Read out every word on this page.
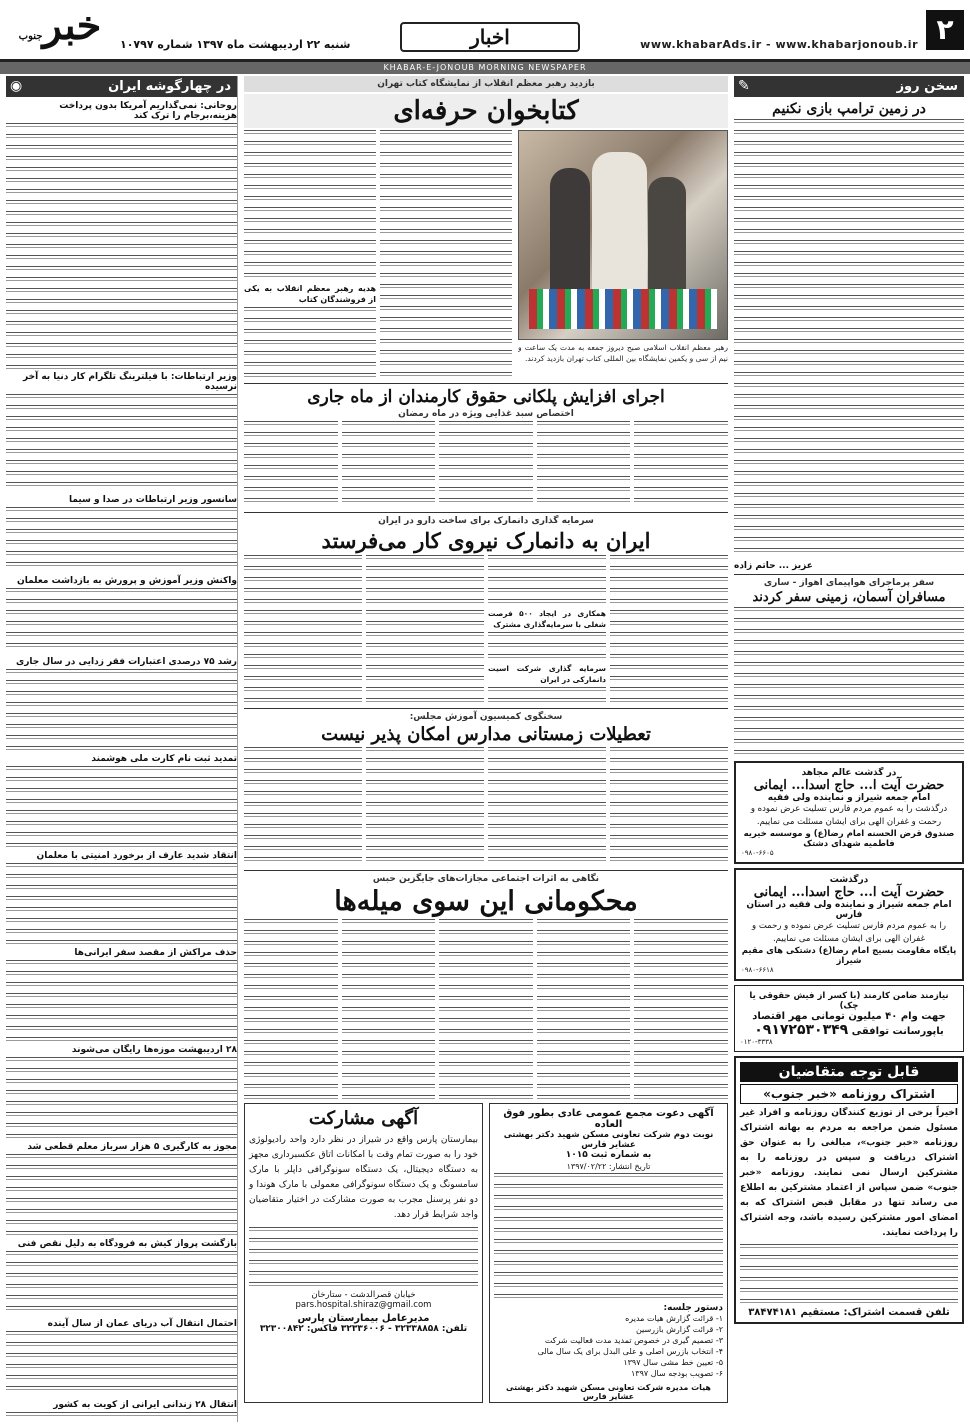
۲
www.khabarAds.ir - www.khabarjonoub.ir
اخبار
شنبه ۲۲ اردیبهشت ماه ۱۳۹۷ شماره ۱۰۷۹۷
خبرجنوب
KHABAR-E-JONOUB MORNING NEWSPAPER
در چهارگوشه ایران
◉
روحانی: نمی‌گذاریم آمریکا بدون پرداخت هزینه،برجام را ترک کند
وزیر ارتباطات: با فیلترینگ تلگرام کار دنیا به آخر نرسیده
سانسور وزیر ارتباطات در صدا و سیما
واکنش وزیر آموزش و پرورش به بازداشت معلمان
رشد ۷۵ درصدی اعتبارات فقر زدایی در سال جاری
تمدید ثبت نام کارت ملی هوشمند
انتقاد شدید عارف از برخورد امنیتی با معلمان
حذف مراکش از مقصد سفر ایرانی‌ها
۲۸ اردیبهشت موزه‌ها رایگان می‌شوند
مجوز به کارگیری ۵ هزار سرباز معلم قطعی شد
بازگشت پرواز کیش به فرودگاه به دلیل نقص فنی
احتمال انتقال آب دریای عمان از سال آینده
انتقال ۲۸ زندانی ایرانی از کویت به کشور
بازدید رهبر معظم انقلاب از نمایشگاه کتاب تهران
کتابخوان حرفه‌ای
رهبر معظم انقلاب اسلامی صبح دیروز جمعه به مدت یک ساعت و نیم از سی و یکمین نمایشگاه بین المللی کتاب تهران بازدید کردند.
هدیه رهبر معظم انقلاب به یکی از فروشندگان کتاب
اجرای افزایش پلکانی حقوق کارمندان از ماه جاری
اختصاص سبد غذایی ویژه در ماه رمضان
سرمایه گذاری دانمارک برای ساخت دارو در ایران
ایران به دانمارک نیروی کار می‌فرستد
همکاری در ایجاد ۵۰۰ فرصت شغلی با سرمایه‌گذاری مشترک
سرمایه گذاری شرکت اسیت دانمارکی در ایران
سخنگوی کمیسیون آموزش مجلس:
تعطیلات زمستانی مدارس امکان پذیر نیست
نگاهی به اثرات اجتماعی مجازات‌های جایگزین حبس
محکومانی این سوی میله‌ها
آگهی دعوت مجمع عمومی عادی بطور فوق العاده
نوبت دوم شرکت تعاونی مسکن شهید دکتر بهشتی عشایر فارس
به شماره ثبت ۱۰۱۵
تاریخ انتشار: ۱۳۹۷/۰۲/۲۲
دستور جلسه:
۱- قرائت گزارش هیات مدیره
۲- قرائت گزارش بازرسین
۳- تصمیم گیری در خصوص تمدید مدت فعالیت شرکت
۴- انتخاب بازرس اصلی و علی البدل برای یک سال مالی
۵- تعیین خط مشی سال ۱۳۹۷
۶- تصویب بودجه سال ۱۳۹۷
هیات مدیره شرکت تعاونی مسکن شهید دکتر بهشتی عشایر فارس
آگهی مشارکت
بیمارستان پارس واقع در شیراز در نظر دارد واحد رادیولوژی خود را به صورت تمام وقت با امکانات اتاق عکسبرداری مجهز به دستگاه دیجیتال، یک دستگاه سونوگرافی داپلر با مارک سامسونگ و یک دستگاه سونوگرافی معمولی با مارک هوندا و دو نفر پرسنل مجرب به صورت مشارکت در اختیار متقاضیان واجد شرایط قرار دهد.
خیابان قصرالدشت - ستارخان
pars.hospital.shiraz@gmail.com
مدیرعامل بیمارستان پارس
تلفن: ۳۲۳۳۸۸۵۸ - ۳۲۳۳۶۰۰۶ فاکس: ۳۲۳۰۰۸۴۲
سخن روز
✎
در زمین ترامپ بازی نکنیم
عزیز ... حاتم زاده
سفر پرماجرای هواپیمای اهواز - ساری
مسافران آسمان، زمینی سفر کردند
در گذشت عالم مجاهد
حضرت آیت ا... حاج اسدا... ایمانی
امام جمعه شیراز و نماینده ولی فقیه
درگذشت را به عموم مردم فارس تسلیت عرض نموده و رحمت و غفران الهی برای ایشان مسئلت می نماییم.
صندوق قرض الحسنه امام رضا(ع) و موسسه خیریه فاطمیه شهدای دشتک
۰۹۸۰-۶۶۰۵
درگذشت
حضرت آیت ا... حاج اسدا... ایمانی
امام جمعه شیراز و نماینده ولی فقیه در استان فارس
را به عموم مردم فارس تسلیت عرض نموده و رحمت و غفران الهی برای ایشان مسئلت می نماییم.
پایگاه مقاومت بسیج امام رضا(ع) دشتکی های مقیم شیراز
۰۹۸۰-۶۶۱۸
نیازمند ضامن کارمند (با کسر از فیش حقوقی یا چک)
جهت وام ۴۰ میلیون تومانی مهر اقتصاد
باپورسانت توافقی ۰۹۱۷۲۵۳۰۳۴۹
۰۱۲۰-۳۳۳۸
قابل توجه متقاضیان
اشتراک روزنامه «خبر جنوب»
اخیراً برخی از توزیع کنندگان روزنامه و افراد غیر مسئول ضمن مراجعه به مردم به بهانه اشتراک روزنامه «خبر جنوب»، مبالغی را به عنوان حق اشتراک دریافت و سپس در روزنامه را به مشترکین ارسال نمی نمایند. روزنامه «خبر جنوب» ضمن سپاس از اعتماد مشترکین به اطلاع می رساند تنها در مقابل قبض اشتراک که به امضای امور مشترکین رسیده باشد، وجه اشتراک را پرداخت نمایند.
تلفن قسمت اشتراک: مستقیم ۳۸۴۷۴۱۸۱
